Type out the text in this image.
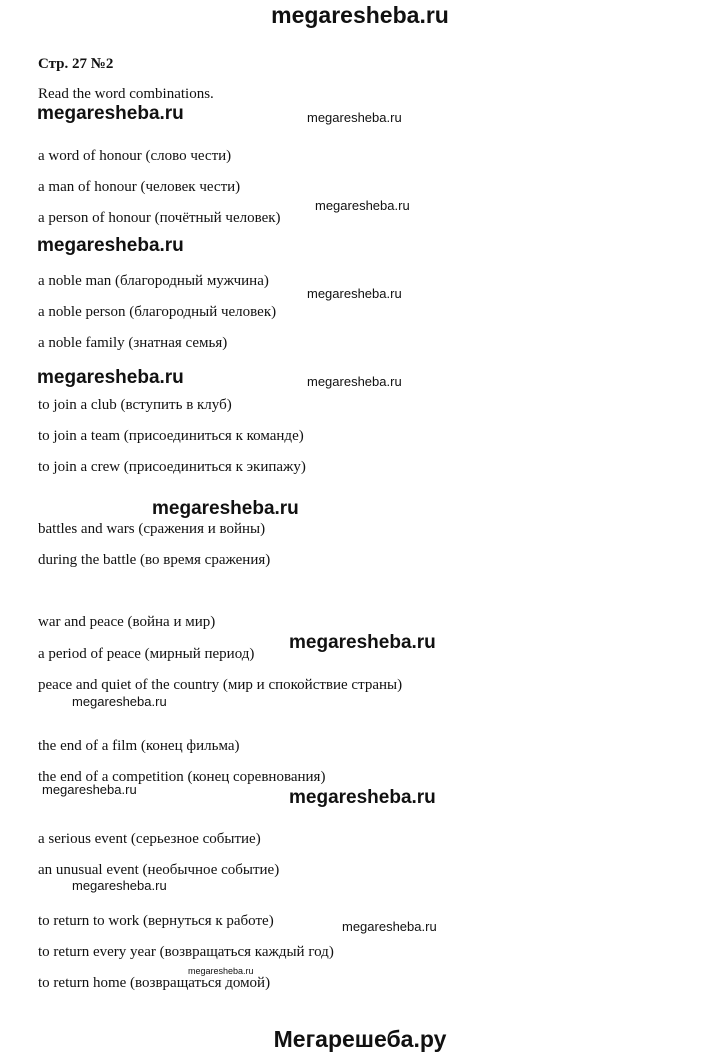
megaresheba.ru
Стр. 27 №2
Read the word combinations.
a word of honour (слово чести)
a man of honour (человек чести)
a person of honour (почётный человек)
a noble man (благородный мужчина)
a noble person (благородный человек)
a noble family (знатная семья)
to join a club (вступить в клуб)
to join a team (присоединиться к команде)
to join a crew (присоединиться к экипажу)
battles and wars (сражения и войны)
during the battle (во время сражения)
war and peace (война и мир)
a period of peace (мирный период)
peace and quiet of the country (мир и спокойствие страны)
the end of a film (конец фильма)
the end of a competition (конец соревнования)
a serious event (серьезное событие)
an unusual event (необычное событие)
to return to work (вернуться к работе)
to return every year (возвращаться каждый год)
to return home (возвращаться домой)
megaresheba.ru	megaresheba.ru
megaresheba.ru
megaresheba.ru
megaresheba.ru
megaresheba.ru	megaresheba.ru
megaresheba.ru
megaresheba.ru
megaresheba.ru
megaresheba.ru	megaresheba.ru
megaresheba.ru
megaresheba.ru
megaresheba.ru
Мегарешеба.ру
